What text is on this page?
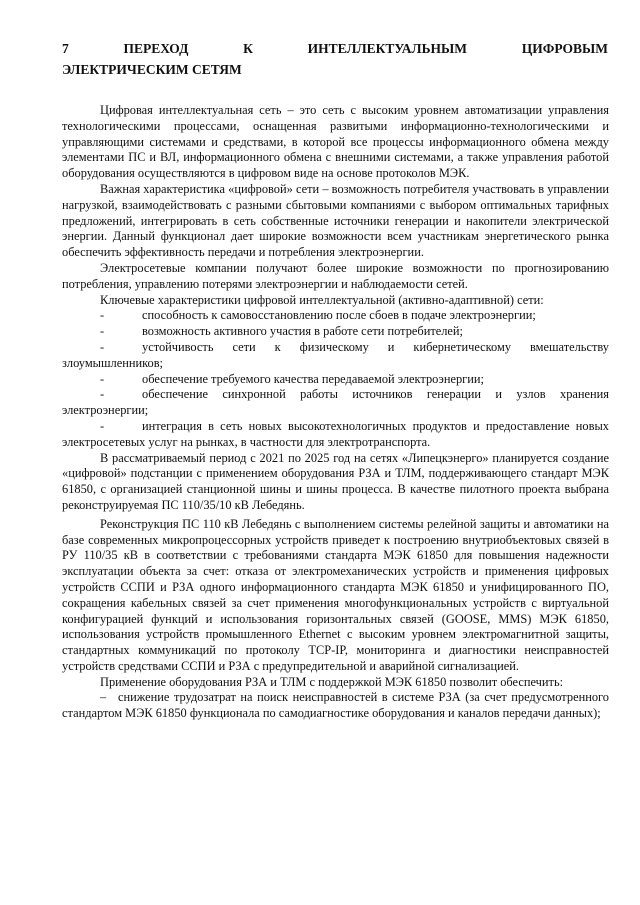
7 ПЕРЕХОД К ИНТЕЛЛЕКТУАЛЬНЫМ ЦИФРОВЫМ
ЭЛЕКТРИЧЕСКИМ СЕТЯМ

Цифровая интеллектуальная сеть – это сеть с высоким уровнем автоматизации управления технологическими процессами, оснащенная развитыми информационно-технологическими и управляющими системами и средствами, в которой все процессы информационного обмена между элементами ПС и ВЛ, информационного обмена с внешними системами, а также управления работой оборудования осуществляются в цифровом виде на основе протоколов МЭК.

Важная характеристика «цифровой» сети – возможность потребителя участвовать в управлении нагрузкой, взаимодействовать с разными сбытовыми компаниями с выбором оптимальных тарифных предложений, интегрировать в сеть собственные источники генерации и накопители электрической энергии. Данный функционал дает широкие возможности всем участникам энергетического рынка обеспечить эффективность передачи и потребления электроэнергии.

Электросетевые компании получают более широкие возможности по прогнозированию потребления, управлению потерями электроэнергии и наблюдаемости сетей.

Ключевые характеристики цифровой интеллектуальной (активно-адаптивной) сети:

-	способность к самовосстановлению после сбоев в подаче электроэнергии;

-	возможность активного участия в работе сети потребителей;

-	устойчивость сети к физическому и кибернетическому вмешательству злоумышленников;

-	обеспечение требуемого качества передаваемой электроэнергии;

-	обеспечение синхронной работы источников генерации и узлов хранения электроэнергии;

-	интеграция в сеть новых высокотехнологичных продуктов и предоставление новых электросетевых услуг на рынках, в частности для электротранспорта.

В рассматриваемый период с 2021 по 2025 год на сетях «Липецкэнерго» планируется создание «цифровой» подстанции с применением оборудования РЗА и ТЛМ, поддерживающего стандарт МЭК 61850, с организацией станционной шины и шины процесса. В качестве пилотного проекта выбрана реконструируемая ПС 110/35/10 кВ Лебедянь.

Реконструкция ПС 110 кВ Лебедянь с выполнением системы релейной защиты и автоматики на базе современных микропроцессорных устройств приведет к построению внутриобъектовых связей в РУ 110/35 кВ в соответствии с требованиями стандарта МЭК 61850 для повышения надежности эксплуатации объекта за счет: отказа от электромеханических устройств и применения цифровых устройств ССПИ и РЗА одного информационного стандарта МЭК 61850 и унифицированного ПО, сокращения кабельных связей за счет применения многофункциональных устройств с виртуальной конфигурацией функций и использования горизонтальных связей (GOOSE, MMS) МЭК 61850, использования устройств промышленного Ethernet с высоким уровнем электромагнитной защиты, стандартных коммуникаций по протоколу TCP-IP, мониторинга и диагностики неисправностей устройств средствами ССПИ и РЗА с предупредительной и аварийной сигнализацией.

Применение оборудования РЗА и ТЛМ с поддержкой МЭК 61850 позволит обеспечить:

– снижение трудозатрат на поиск неисправностей в системе РЗА (за счет предусмотренного стандартом МЭК 61850 функционала по самодиагностике оборудования и каналов передачи данных);
